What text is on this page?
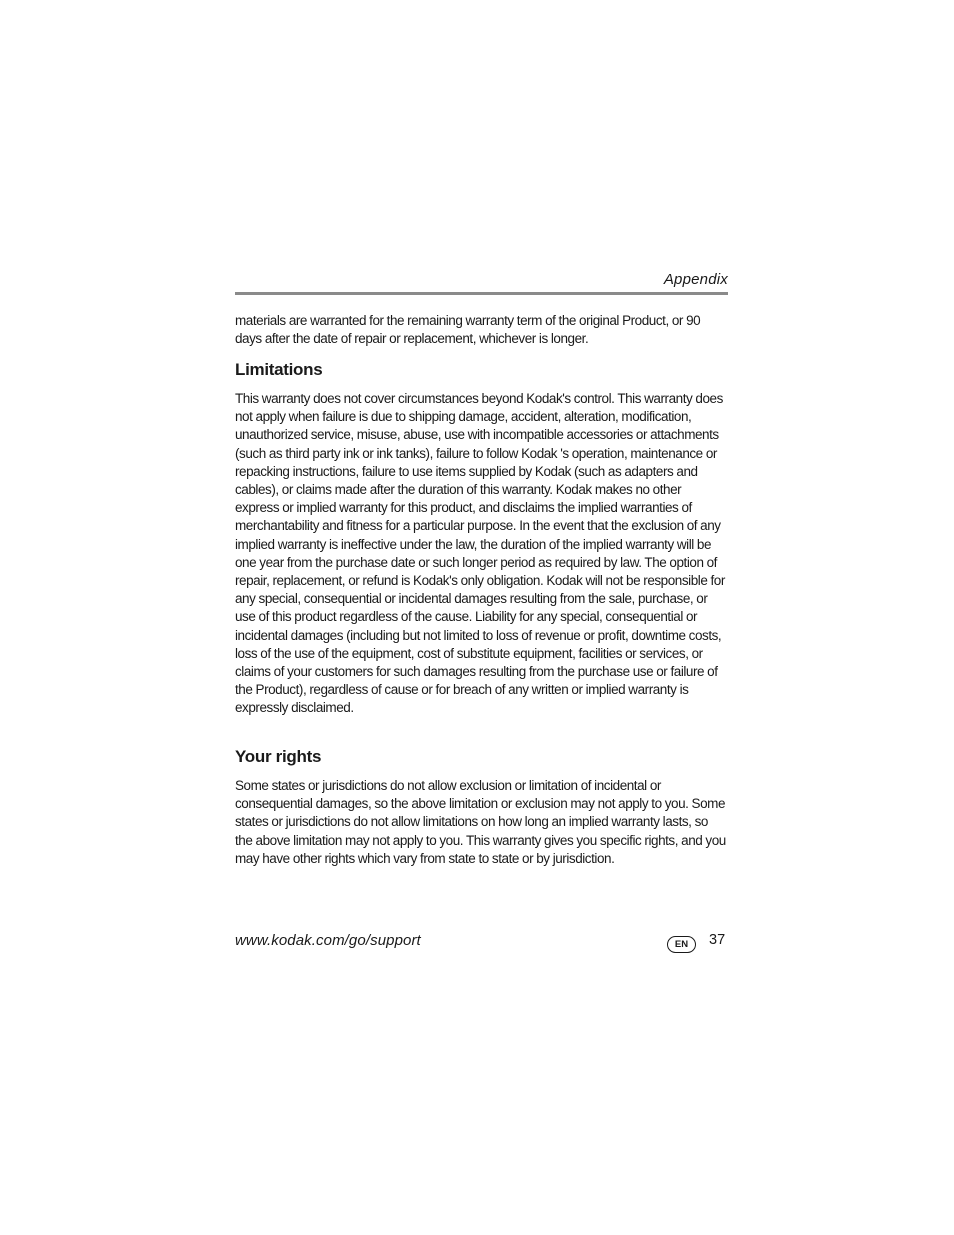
Appendix

materials are warranted for the remaining warranty term of the original Product, or 90 days after the date of repair or replacement, whichever is longer.

Limitations

This warranty does not cover circumstances beyond Kodak's control. This warranty does not apply when failure is due to shipping damage, accident, alteration, modification, unauthorized service, misuse, abuse, use with incompatible accessories or attachments (such as third party ink or ink tanks), failure to follow Kodak 's operation, maintenance or repacking instructions, failure to use items supplied by Kodak (such as adapters and cables), or claims made after the duration of this warranty. Kodak makes no other express or implied warranty for this product, and disclaims the implied warranties of merchantability and fitness for a particular purpose. In the event that the exclusion of any implied warranty is ineffective under the law, the duration of the implied warranty will be one year from the purchase date or such longer period as required by law. The option of repair, replacement, or refund is Kodak's only obligation. Kodak will not be responsible for any special, consequential or incidental damages resulting from the sale, purchase, or use of this product regardless of the cause. Liability for any special, consequential or incidental damages (including but not limited to loss of revenue or profit, downtime costs, loss of the use of the equipment, cost of substitute equipment, facilities or services, or claims of your customers for such damages resulting from the purchase use or failure of the Product), regardless of cause or for breach of any written or implied warranty is expressly disclaimed.

Your rights

Some states or jurisdictions do not allow exclusion or limitation of incidental or consequential damages, so the above limitation or exclusion may not apply to you. Some states or jurisdictions do not allow limitations on how long an implied warranty lasts, so the above limitation may not apply to you. This warranty gives you specific rights, and you may have other rights which vary from state to state or by jurisdiction.

www.kodak.com/go/support	EN	37
